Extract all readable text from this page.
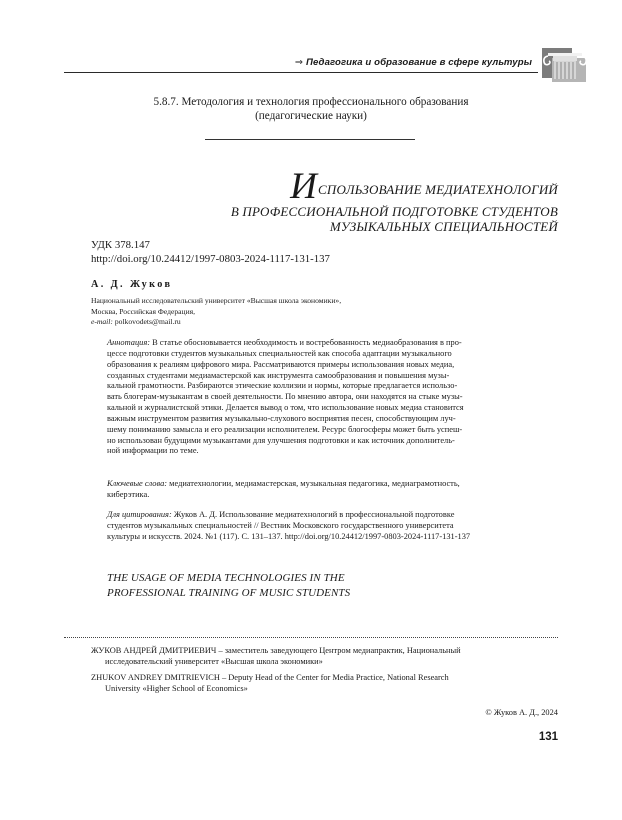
⇒ Педагогика и образование в сфере культуры
5.8.7. Методология и технология профессионального образования
(педагогические науки)
ИСПОЛЬЗОВАНИЕ МЕДИАТЕХНОЛОГИЙ
В ПРОФЕССИОНАЛЬНОЙ ПОДГОТОВКЕ СТУДЕНТОВ
МУЗЫКАЛЬНЫХ СПЕЦИАЛЬНОСТЕЙ
УДК 378.147
http://doi.org/10.24412/1997-0803-2024-1117-131-137
А. Д. Жуков
Национальный исследовательский университет «Высшая школа экономики»,
Москва, Российская Федерация,
e-mail: polkovodets@mail.ru
Аннотация: В статье обосновывается необходимость и востребованность медиаобразования в про-
цессе подготовки студентов музыкальных специальностей как способа адаптации музыкального
образования к реалиям цифрового мира. Рассматриваются примеры использования новых медиа,
созданных студентами медиамастерской как инструмента самообразования и повышения музы-
кальной грамотности. Разбираются этические коллизии и нормы, которые предлагается использо-
вать блогерам-музыкантам в своей деятельности. По мнению автора, они находятся на стыке музы-
кальной и журналистской этики. Делается вывод о том, что использование новых медиа становится
важным инструментом развития музыкально-слухового восприятия песен, способствующим луч-
шему пониманию замысла и его реализации исполнителем. Ресурс блогосферы может быть успеш-
но использован будущими музыкантами для улучшения подготовки и как источник дополнитель-
ной информации по теме.
Ключевые слова: медиатехнологии, медиамастерская, музыкальная педагогика, медиаграмотность,
киберэтика.
Для цитирования: Жуков А. Д. Использование медиатехнологий в профессиональной подготовке
студентов музыкальных специальностей // Вестник Московского государственного университета
культуры и искусств. 2024. №1 (117). С. 131–137. http://doi.org/10.24412/1997-0803-2024-1117-131-137
THE USAGE OF MEDIA TECHNOLOGIES IN THE
PROFESSIONAL TRAINING OF MUSIC STUDENTS
ЖУКОВ АНДРЕЙ ДМИТРИЕВИЧ – заместитель заведующего Центром медиапрактик, Национальный
исследовательский университет «Высшая школа экономики»
ZHUKOV ANDREY DMITRIEVICH – Deputy Head of the Center for Media Practice, National Research
University «Higher School of Economics»
© Жуков А. Д., 2024
131
